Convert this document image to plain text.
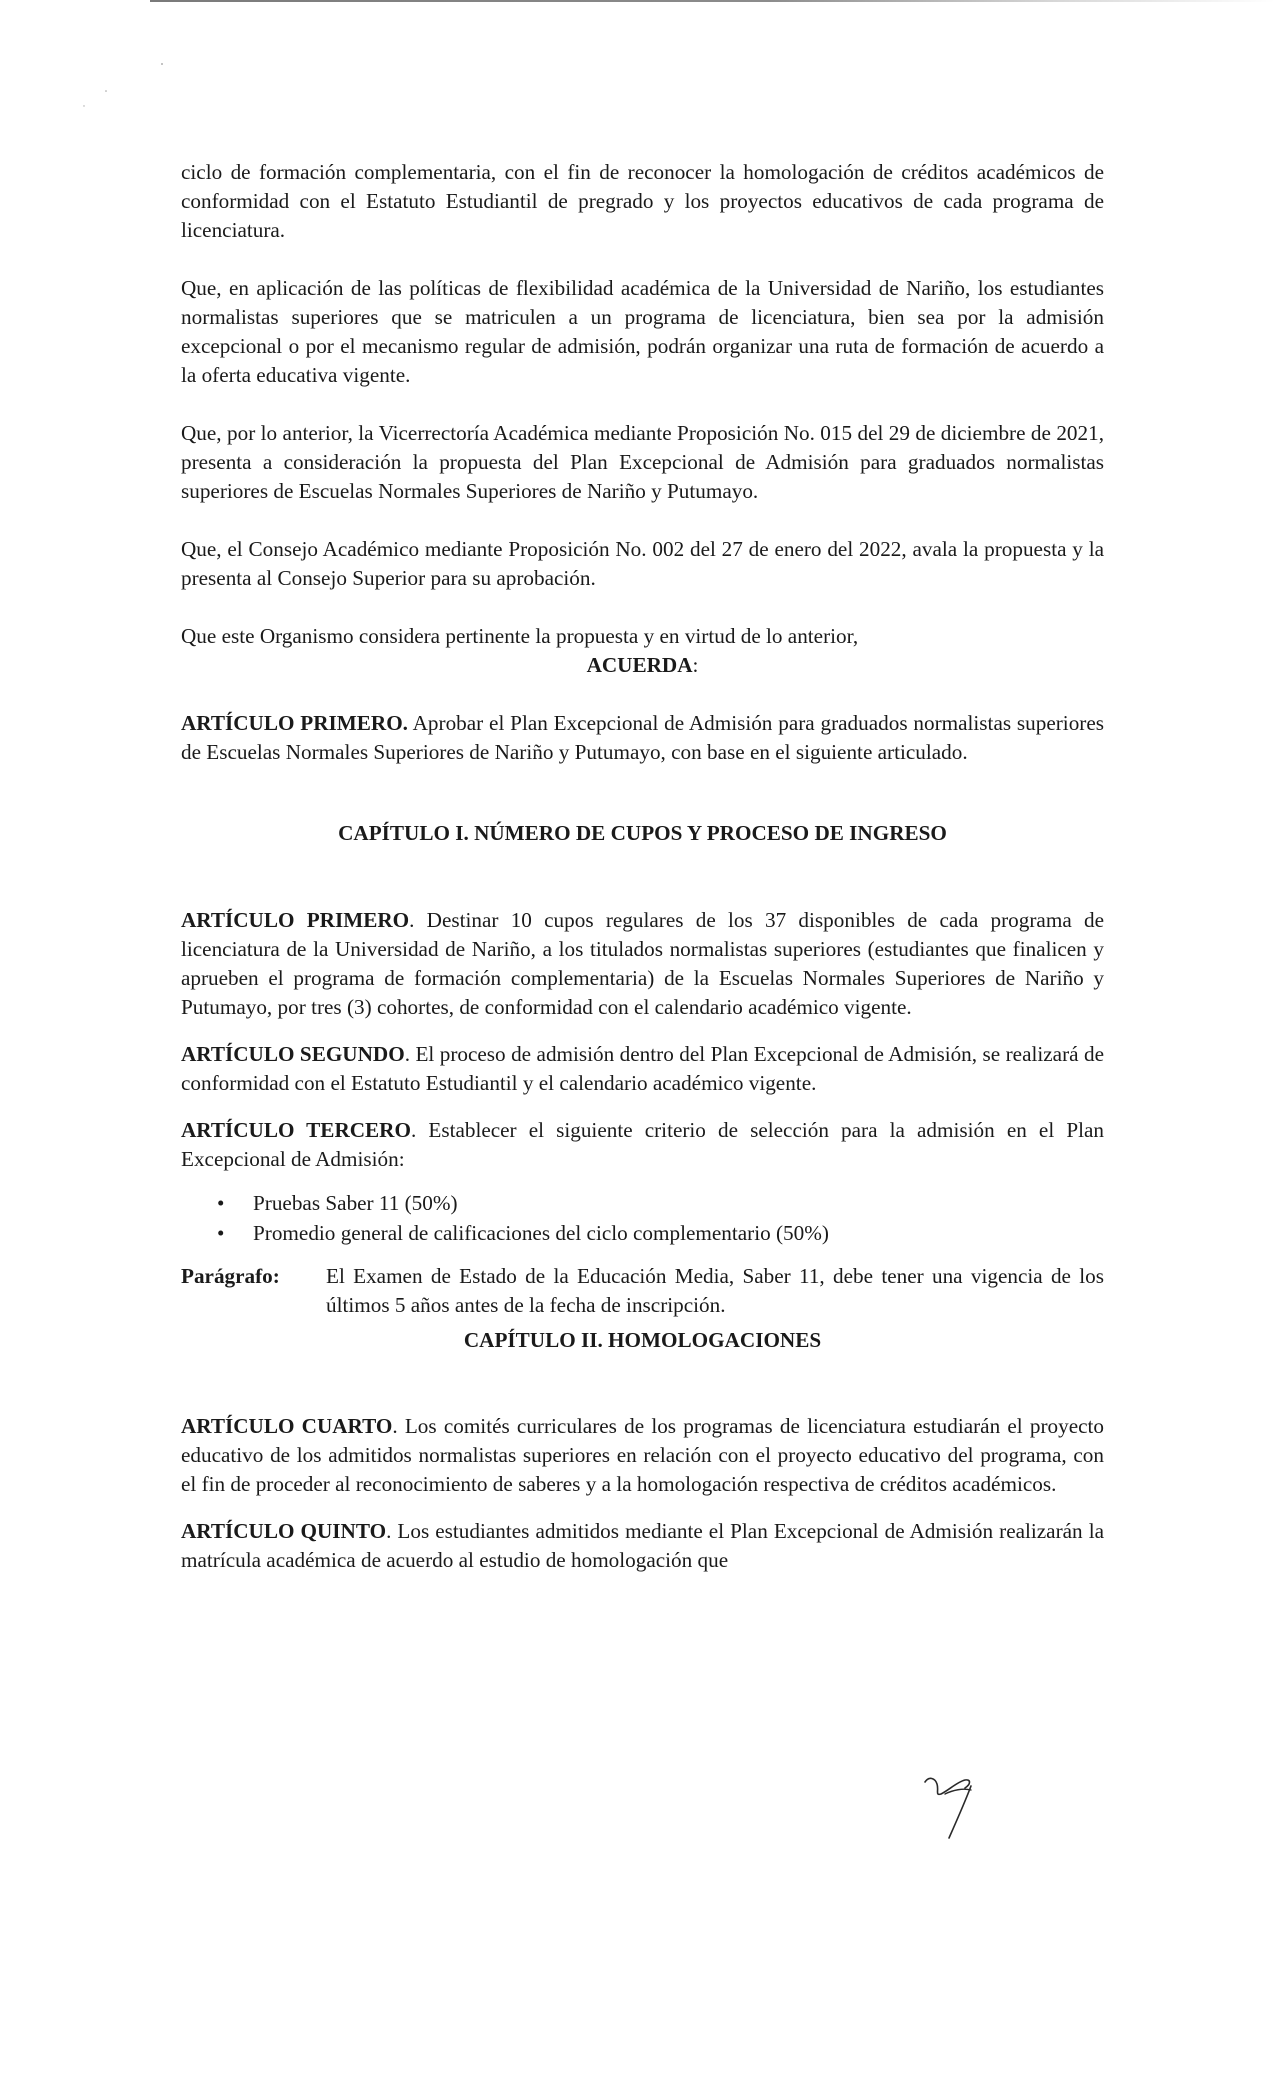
ciclo de formación complementaria, con el fin de reconocer la homologación de créditos académicos de conformidad con el Estatuto Estudiantil de pregrado y los proyectos educativos de cada programa de licenciatura.

Que, en aplicación de las políticas de flexibilidad académica de la Universidad de Nariño, los estudiantes normalistas superiores que se matriculen a un programa de licenciatura, bien sea por la admisión excepcional o por el mecanismo regular de admisión, podrán organizar una ruta de formación de acuerdo a la oferta educativa vigente.

Que, por lo anterior, la Vicerrectoría Académica mediante Proposición No. 015 del 29 de diciembre de 2021, presenta a consideración la propuesta del Plan Excepcional de Admisión para graduados normalistas superiores de Escuelas Normales Superiores de Nariño y Putumayo.

Que, el Consejo Académico mediante Proposición No. 002 del 27 de enero del 2022, avala la propuesta y la presenta al Consejo Superior para su aprobación.

Que este Organismo considera pertinente la propuesta y en virtud de lo anterior,

ACUERDA:

ARTÍCULO PRIMERO. Aprobar el Plan Excepcional de Admisión para graduados normalistas superiores de Escuelas Normales Superiores de Nariño y Putumayo, con base en el siguiente articulado.

CAPÍTULO I. NÚMERO DE CUPOS Y PROCESO DE INGRESO

ARTÍCULO PRIMERO. Destinar 10 cupos regulares de los 37 disponibles de cada programa de licenciatura de la Universidad de Nariño, a los titulados normalistas superiores (estudiantes que finalicen y aprueben el programa de formación complementaria) de la Escuelas Normales Superiores de Nariño y Putumayo, por tres (3) cohortes, de conformidad con el calendario académico vigente.

ARTÍCULO SEGUNDO. El proceso de admisión dentro del Plan Excepcional de Admisión, se realizará de conformidad con el Estatuto Estudiantil y el calendario académico vigente.

ARTÍCULO TERCERO. Establecer el siguiente criterio de selección para la admisión en el Plan Excepcional de Admisión:

• Pruebas Saber 11 (50%)
• Promedio general de calificaciones del ciclo complementario (50%)
Parágrafo:	El Examen de Estado de la Educación Media, Saber 11, debe tener una vigencia de los últimos 5 años antes de la fecha de inscripción.

CAPÍTULO II. HOMOLOGACIONES

ARTÍCULO CUARTO. Los comités curriculares de los programas de licenciatura estudiarán el proyecto educativo de los admitidos normalistas superiores en relación con el proyecto educativo del programa, con el fin de proceder al reconocimiento de saberes y a la homologación respectiva de créditos académicos.

ARTÍCULO QUINTO. Los estudiantes admitidos mediante el Plan Excepcional de Admisión realizarán la matrícula académica de acuerdo al estudio de homologación que
